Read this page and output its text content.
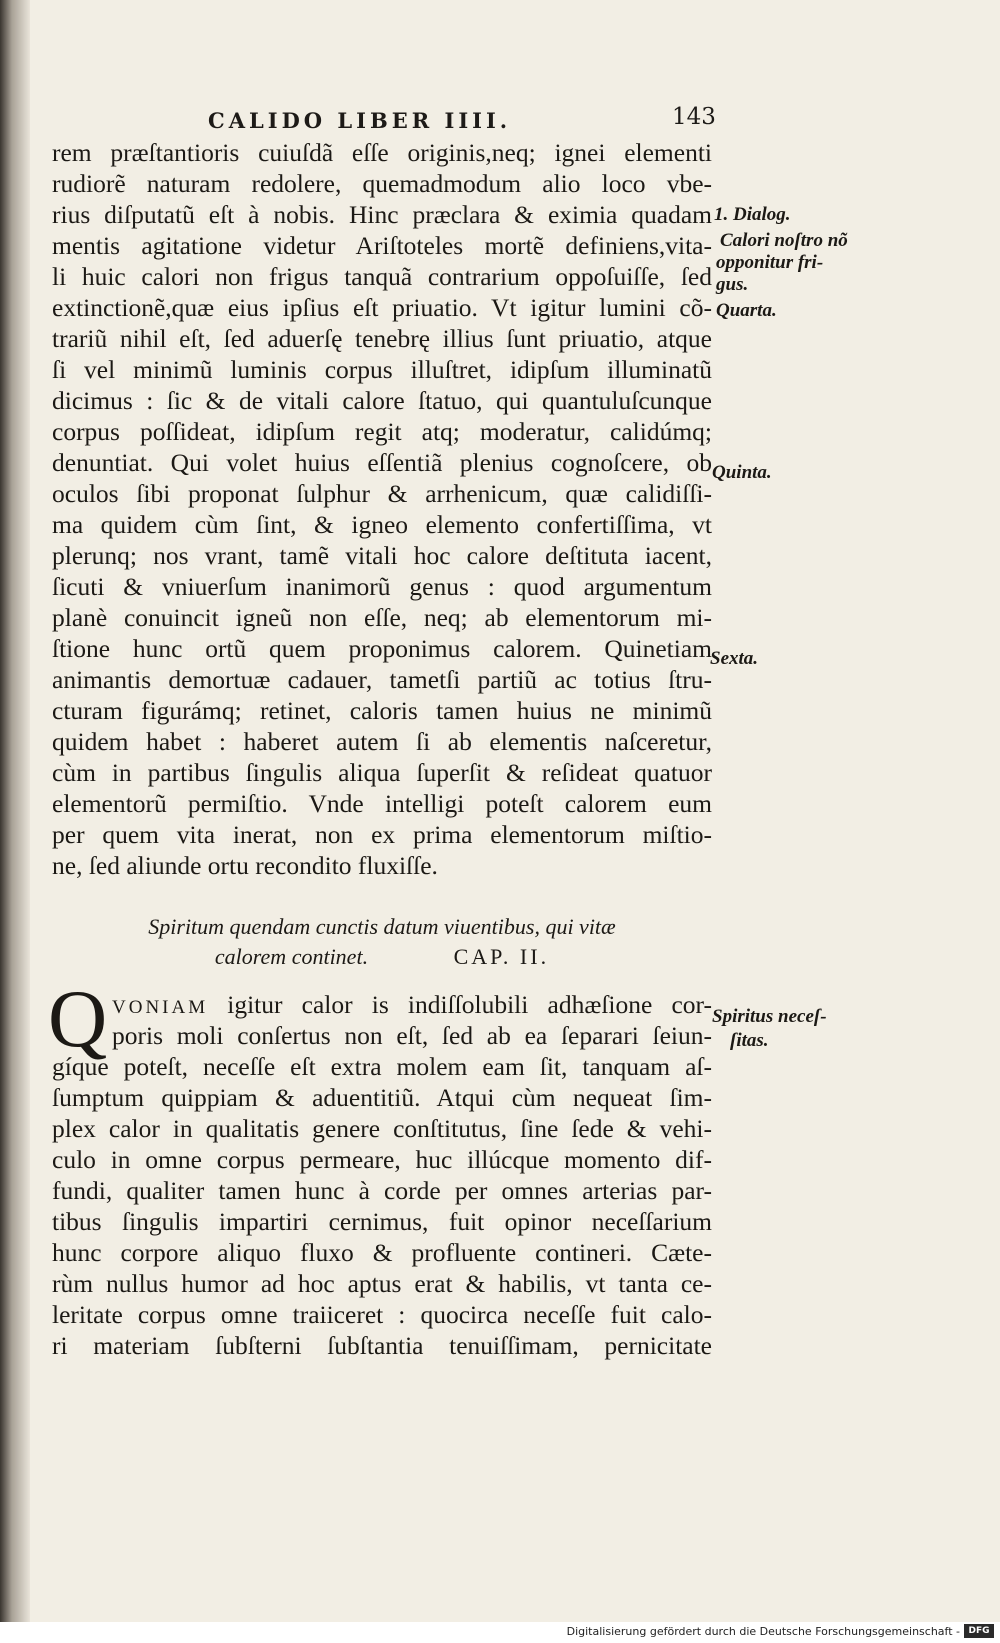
CALIDO LIBER IIII.	143
rem præſtantioris cuiuſdã eſſe originis,neq; ignei elementi
rudiorẽ naturam redolere, quemadmodum alio loco vbe-
rius diſputatũ eſt à nobis. Hinc præclara & eximia quadam
mentis agitatione videtur Ariſtoteles mortẽ definiens,vita-
li huic calori non frigus tanquã contrarium oppoſuiſſe, ſed
extinctionẽ,quæ eius ipſius eſt priuatio. Vt igitur lumini cõ-
trariũ nihil eſt, ſed aduerſę tenebrę illius ſunt priuatio, atque
ſi vel minimũ luminis corpus illuſtret, idipſum illuminatũ
dicimus : ſic & de vitali calore ſtatuo, qui quantuluſcunque
corpus poſſideat, idipſum regit atq; moderatur, calidúmq;
denuntiat. Qui volet huius eſſentiã plenius cognoſcere, ob
oculos ſibi proponat ſulphur & arrhenicum, quæ calidiſſi-
ma quidem cùm ſint, & igneo elemento confertiſſima, vt
plerunq; nos vrant, tamẽ vitali hoc calore deſtituta iacent,
ſicuti & vniuerſum inanimorũ genus : quod argumentum
planè conuincit igneũ non eſſe, neq; ab elementorum mi-
ſtione hunc ortũ quem proponimus calorem. Quinetiam
animantis demortuæ cadauer, tametſi partiũ ac totius ſtru-
cturam figurámq; retinet, caloris tamen huius ne minimũ
quidem habet : haberet autem ſi ab elementis naſceretur,
cùm in partibus ſingulis aliqua ſuperſit & reſideat quatuor
elementorũ permiſtio. Vnde intelligi poteſt calorem eum
per quem vita inerat, non ex prima elementorum miſtio-
ne, ſed aliunde ortu recondito fluxiſſe.
Spiritum quendam cunctis datum viuentibus, qui vitæ
calorem continet.	CAP. II.
Q VONIAM igitur calor is indiſſolubili adhæſione cor-
poris moli conſertus non eſt, ſed ab ea ſeparari ſeiun-
gíque poteſt, neceſſe eſt extra molem eam ſit, tanquam aſ-
ſumptum quippiam & aduentitiũ. Atqui cùm nequeat ſim-
plex calor in qualitatis genere conſtitutus, ſine ſede & vehi-
culo in omne corpus permeare, huc illúcque momento dif-
fundi, qualiter tamen hunc à corde per omnes arterias par-
tibus ſingulis impartiri cernimus, fuit opinor neceſſarium
hunc corpore aliquo fluxo & profluente contineri. Cæte-
rùm nullus humor ad hoc aptus erat & habilis, vt tanta ce-
leritate corpus omne traiiceret : quocirca neceſſe fuit calo-
ri materiam ſubſterni ſubſtantia tenuiſſimam, pernicitate
1. Dialog.
Calori noſtro nõ
opponitur fri-
gus.
Quarta.
Quinta.
Sexta.
Spiritus neceſ-
ſitas.
Digitalisierung gefördert durch die Deutsche Forschungsgemeinschaft - DFG
